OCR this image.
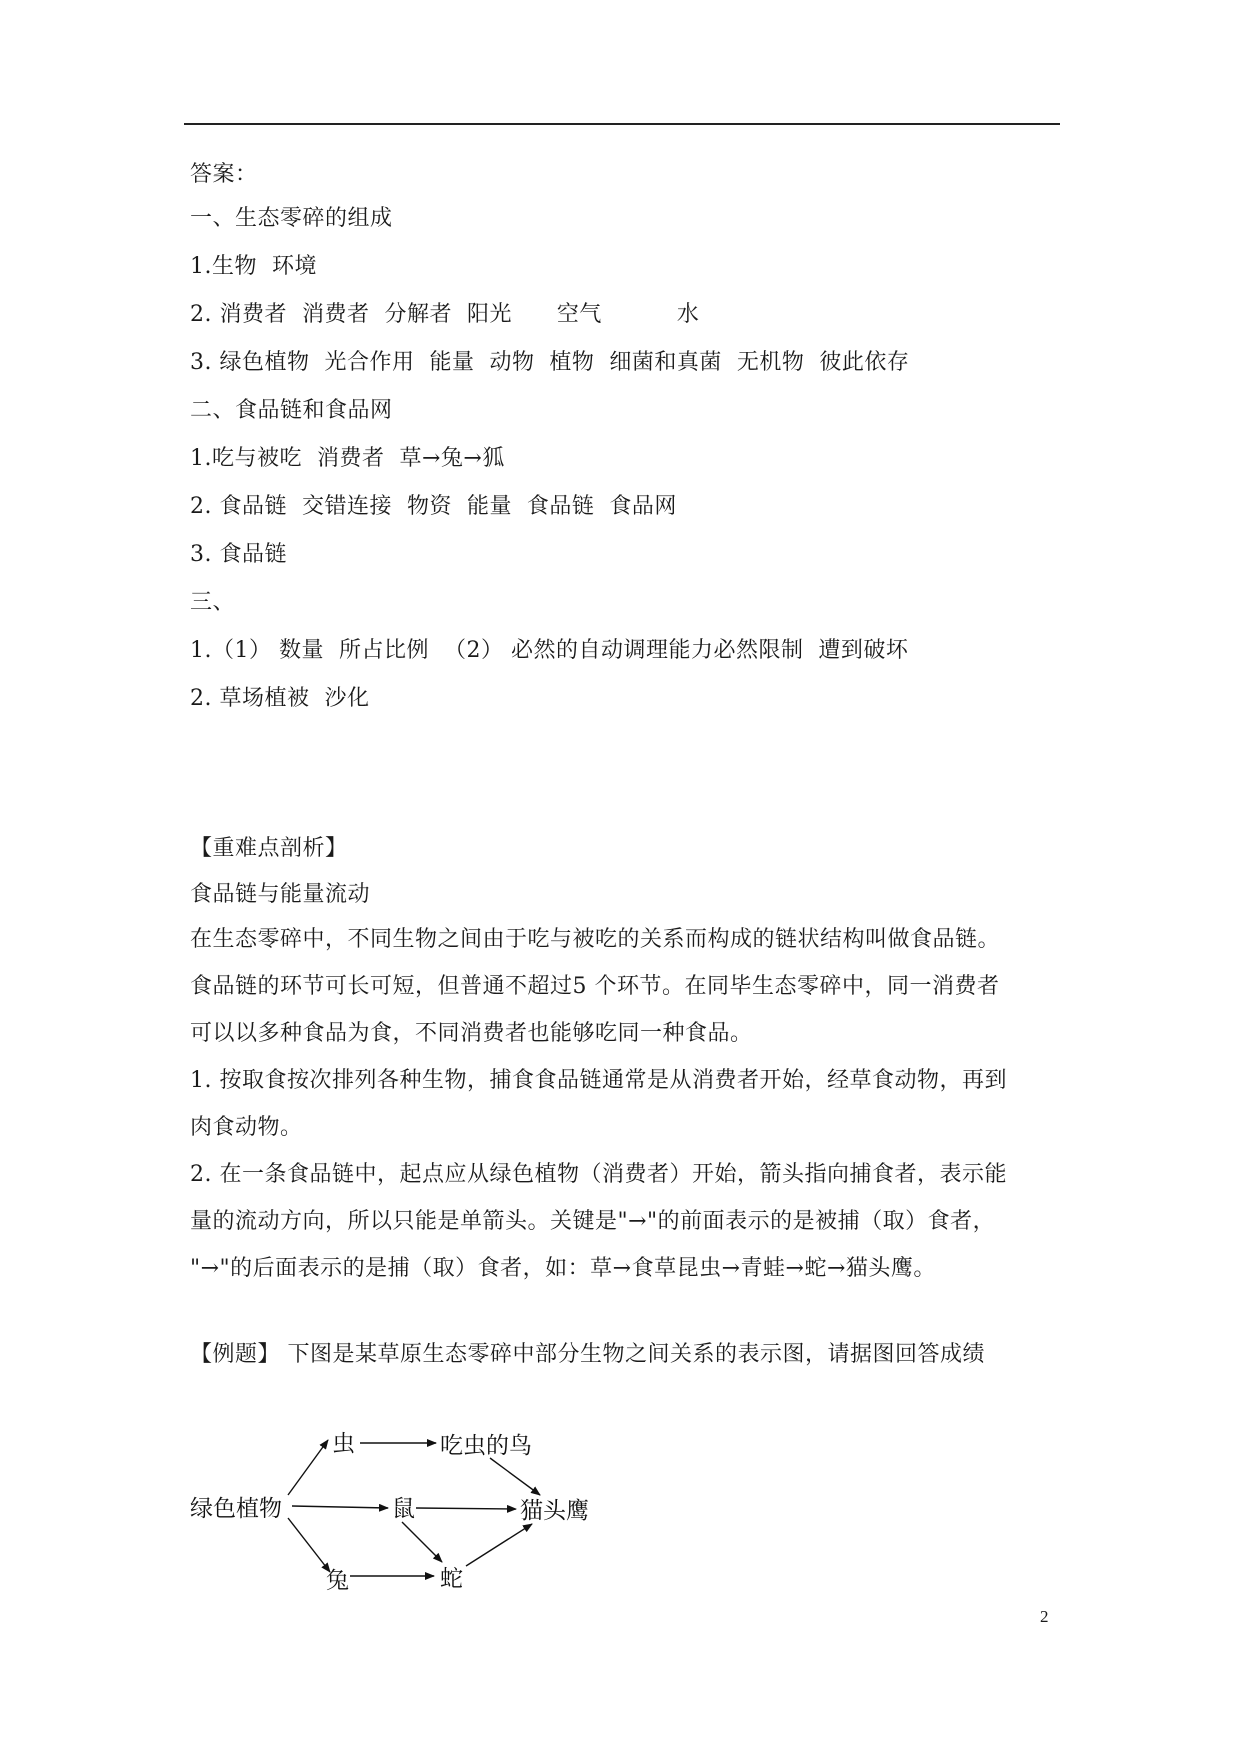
答案：
一、生态零碎的组成
1.生物  环境
2. 消费者  消费者  分解者  阳光      空气          水
3. 绿色植物  光合作用  能量  动物  植物  细菌和真菌  无机物  彼此依存
二、食品链和食品网
1.吃与被吃  消费者  草→兔→狐
2. 食品链  交错连接  物资  能量  食品链  食品网
3. 食品链
三、
1.（1） 数量  所占比例  （2） 必然的自动调理能力必然限制  遭到破坏
2. 草场植被  沙化
【重难点剖析】
食品链与能量流动
在生态零碎中，不同生物之间由于吃与被吃的关系而构成的链状结构叫做食品链。
食品链的环节可长可短，但普通不超过5 个环节。在同毕生态零碎中，同一消费者
可以以多种食品为食，不同消费者也能够吃同一种食品。
1. 按取食按次排列各种生物，捕食食品链通常是从消费者开始，经草食动物，再到
肉食动物。
2. 在一条食品链中，起点应从绿色植物（消费者）开始，箭头指向捕食者，表示能
量的流动方向，所以只能是单箭头。关键是"→"的前面表示的是被捕（取）食者，
"→"的后面表示的是捕（取）食者，如：草→食草昆虫→青蛙→蛇→猫头鹰。
【例题】 下图是某草原生态零碎中部分生物之间关系的表示图，请据图回答成绩
绿色植物
虫	吃虫的鸟
鼠	猫头鹰
兔	蛇
2
